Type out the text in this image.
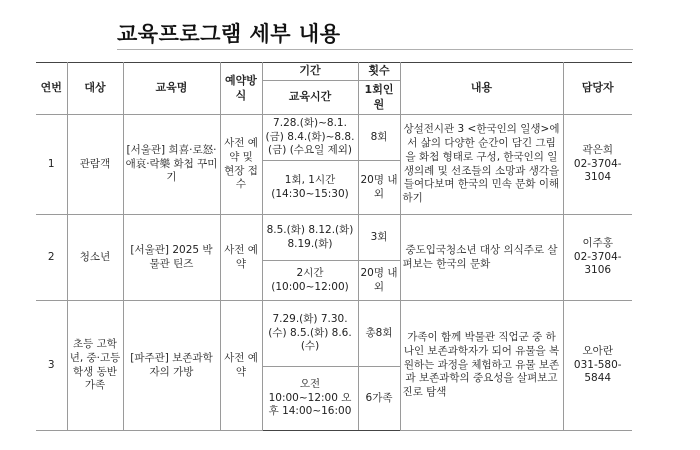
교육프로그램 세부 내용
연번	대상	교육명	예약방식	기간	횟수	내용	담당자
				교육시간	1회인원		
1	관람객	[서울관] 희喜·로怒·애哀·락樂 화첩 꾸미기	사전 예약 및 현장 접수	7.28.(화)~8.1.(금) 8.4.(화)~8.8.(금) (수요일 제외)	8회	상설전시관 3 <한국인의 일생>에서 삶의 다양한 순간이 담긴 그림을 화첩 형태로 구성, 한국인의 일생의례 및 선조들의 소망과 생각을 들여다보며 한국의 민속 문화 이해하기	곽은희
02-3704-3104

				1회, 1시간 (14:30~15:30)	20명 내외		
2	청소년	[서울관] 2025 박물관 틴즈	사전 예약	8.5.(화) 8.12.(화) 8.19.(화)	3회	중도입국청소년 대상 의식주로 살펴보는 한국의 문화	이주홍
02-3704-3106

				2시간 (10:00~12:00)	20명 내외		
3	초등 고학년, 중·고등 학생 동반 가족	[파주관] 보존과학자의 가방	사전 예약	7.29.(화) 7.30.(수) 8.5.(화) 8.6.(수)	총8회	가족이 함께 박물관 직업군 중 하나인 보존과학자가 되어 유물을 복원하는 과정을 체험하고 유물 보존과 보존과학의 중요성을 살펴보고 진로 탐색	오아란
031-580-5844

				오전 10:00~12:00 오후 14:00~16:00	6가족		
